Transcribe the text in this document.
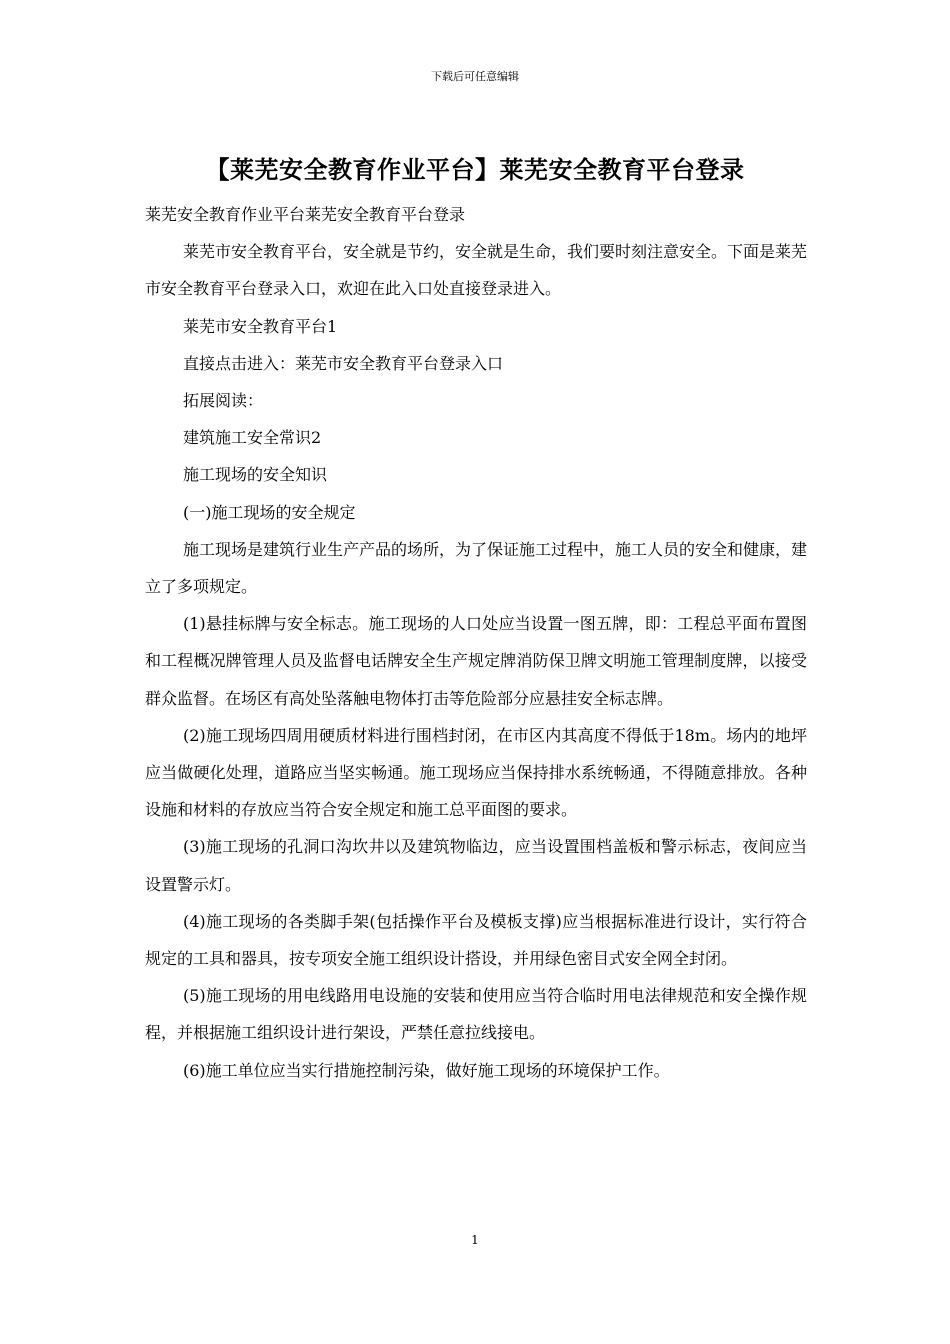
下载后可任意编辑
【莱芜安全教育作业平台】莱芜安全教育平台登录

莱芜安全教育作业平台莱芜安全教育平台登录

莱芜市安全教育平台，安全就是节约，安全就是生命，我们要时刻注意安全。下面是莱芜市安全教育平台登录入口，欢迎在此入口处直接登录进入。

莱芜市安全教育平台1

直接点击进入：莱芜市安全教育平台登录入口

拓展阅读：

建筑施工安全常识2

施工现场的安全知识

(一)施工现场的安全规定

施工现场是建筑行业生产产品的场所，为了保证施工过程中，施工人员的安全和健康，建立了多项规定。

(1)悬挂标牌与安全标志。施工现场的人口处应当设置一图五牌，即：工程总平面布置图和工程概况牌管理人员及监督电话牌安全生产规定牌消防保卫牌文明施工管理制度牌，以接受群众监督。在场区有高处坠落触电物体打击等危险部分应悬挂安全标志牌。

(2)施工现场四周用硬质材料进行围档封闭，在市区内其高度不得低于18m。场内的地坪应当做硬化处理，道路应当坚实畅通。施工现场应当保持排水系统畅通，不得随意排放。各种设施和材料的存放应当符合安全规定和施工总平面图的要求。

(3)施工现场的孔洞口沟坎井以及建筑物临边，应当设置围档盖板和警示标志，夜间应当设置警示灯。

(4)施工现场的各类脚手架(包括操作平台及模板支撑)应当根据标准进行设计，实行符合规定的工具和器具，按专项安全施工组织设计搭设，并用绿色密目式安全网全封闭。

(5)施工现场的用电线路用电设施的安装和使用应当符合临时用电法律规范和安全操作规程，并根据施工组织设计进行架设，严禁任意拉线接电。

(6)施工单位应当实行措施控制污染，做好施工现场的环境保护工作。

1
